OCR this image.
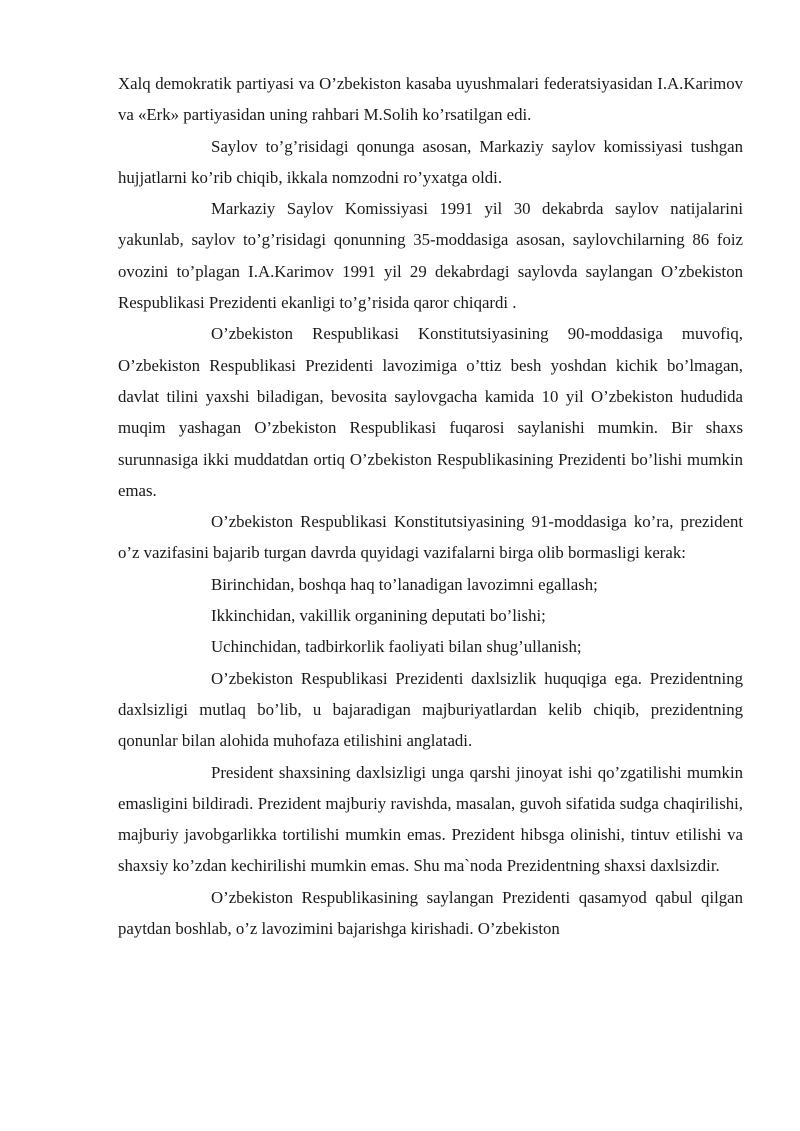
Xalq demokratik partiyasi va O’zbekiston kasaba uyushmalari federatsiyasidan I.A.Karimov va «Erk» partiyasidan uning rahbari M.Solih ko’rsatilgan edi.

Saylov to’g’risidagi qonunga asosan, Markaziy saylov komissiyasi tushgan hujjatlarni ko’rib chiqib, ikkala nomzodni ro’yxatga oldi.

Markaziy Saylov Komissiyasi 1991 yil 30 dekabrda saylov natijalarini yakunlab, saylov to’g’risidagi qonunning 35-moddasiga asosan, saylovchilarning 86 foiz ovozini to’plagan I.A.Karimov 1991 yil 29 dekabrdagi saylovda saylangan O’zbekiston Respublikasi Prezidenti ekanligi to’g’risida qaror chiqardi .

O’zbekiston Respublikasi Konstitutsiyasining 90-moddasiga muvofiq, O’zbekiston Respublikasi Prezidenti lavozimiga o’ttiz besh yoshdan kichik bo’lmagan, davlat tilini yaxshi biladigan, bevosita saylovgacha kamida 10 yil O’zbekiston hududida muqim yashagan O’zbekiston Respublikasi fuqarosi saylanishi mumkin. Bir shaxs surunnasiga ikki muddatdan ortiq O’zbekiston Respublikasining Prezidenti bo’lishi mumkin emas.

O’zbekiston Respublikasi Konstitutsiyasining 91-moddasiga ko’ra, prezident o’z vazifasini bajarib turgan davrda quyidagi vazifalarni birga olib bormasligi kerak:

Birinchidan, boshqa haq to’lanadigan lavozimni egallash;

Ikkinchidan, vakillik organining deputati bo’lishi;

Uchinchidan, tadbirkorlik faoliyati bilan shug’ullanish;

O’zbekiston Respublikasi Prezidenti daxlsizlik huquqiga ega. Prezidentning daxlsizligi mutlaq bo’lib, u bajaradigan majburiyatlardan kelib chiqib, prezidentning qonunlar bilan alohida muhofaza etilishini anglatadi.

President shaxsining daxlsizligi unga qarshi jinoyat ishi qo’zgatilishi mumkin emasligini bildiradi. Prezident majburiy ravishda, masalan, guvoh sifatida sudga chaqirilishi, majburiy javobgarlikka tortilishi mumkin emas. Prezident hibsga olinishi, tintuv etilishi va shaxsiy ko’zdan kechirilishi mumkin emas. Shu ma`noda Prezidentning shaxsi daxlsizdir.

O’zbekiston Respublikasining saylangan Prezidenti qasamyod qabul qilgan paytdan boshlab, o’z lavozimini bajarishga kirishadi. O’zbekiston
